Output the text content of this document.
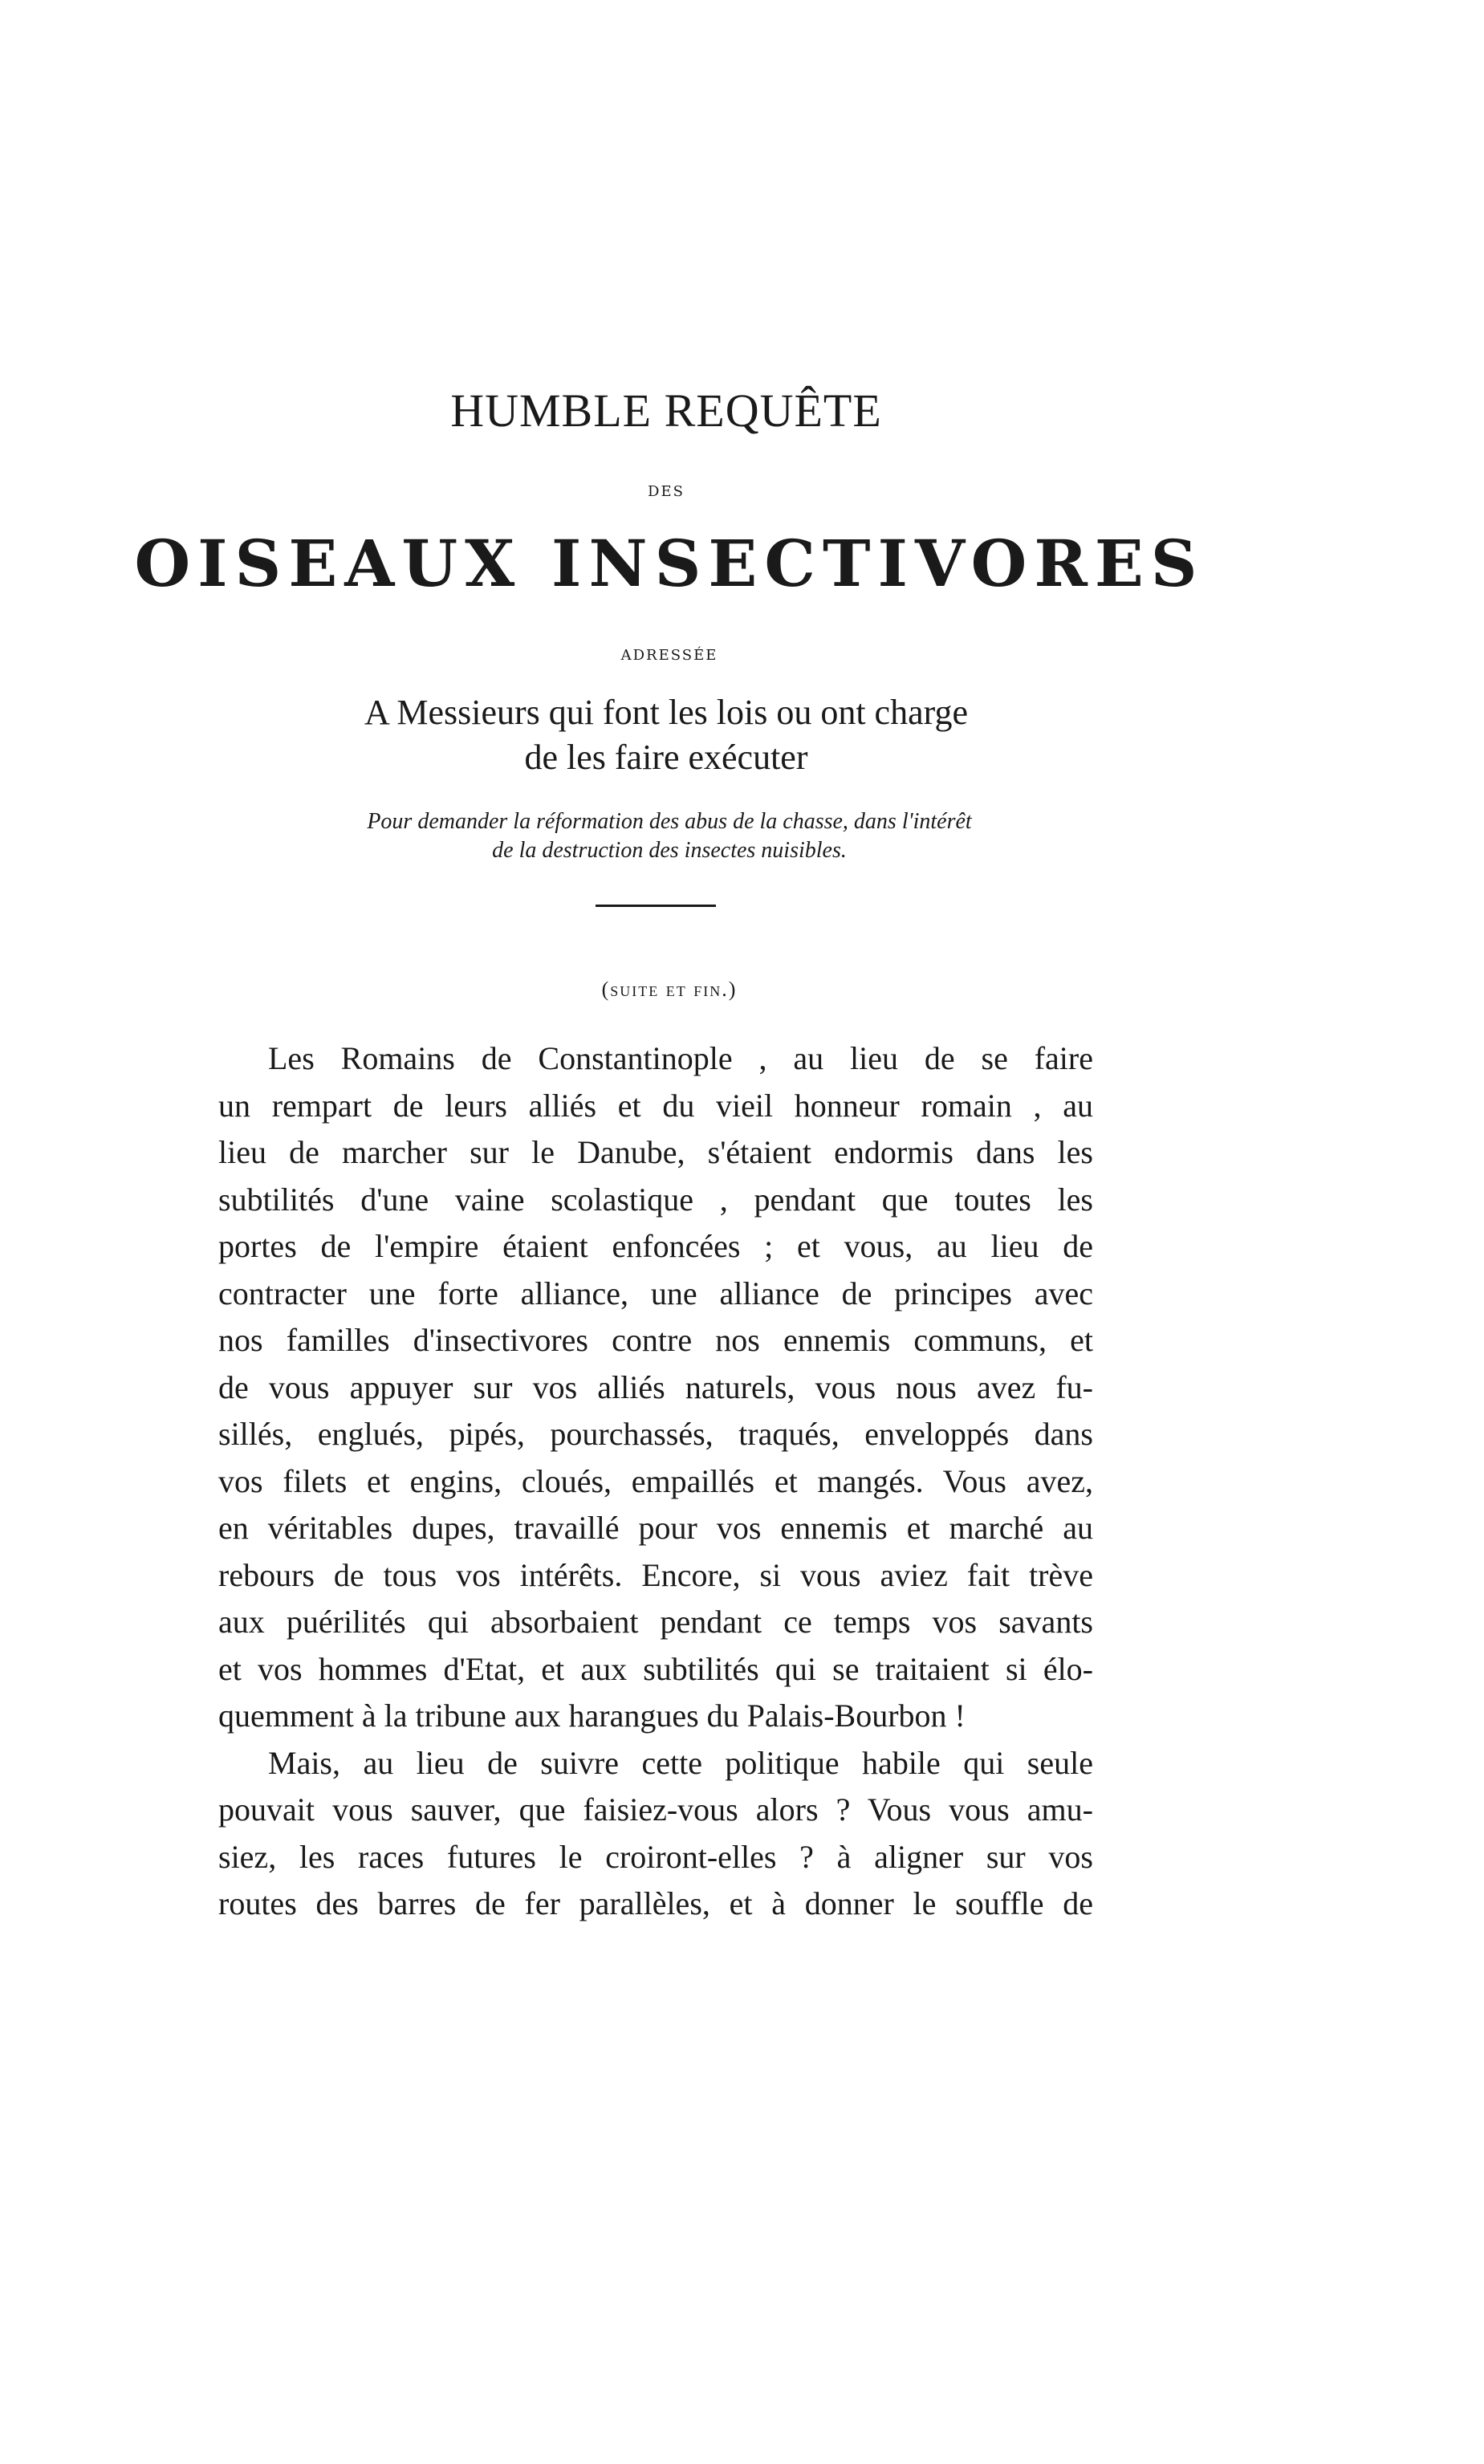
HUMBLE REQUÊTE
DES
OISEAUX INSECTIVORES
ADRESSÉE
A Messieurs qui font les lois ou ont charge
de les faire exécuter
Pour demander la réformation des abus de la chasse, dans l'intérêt
de la destruction des insectes nuisibles.
(suite et fin.)
Les Romains de Constantinople , au lieu de se faire
un rempart de leurs alliés et du vieil honneur romain , au
lieu de marcher sur le Danube, s'étaient endormis dans les
subtilités d'une vaine scolastique , pendant que toutes les
portes de l'empire étaient enfoncées ; et vous, au lieu de
contracter une forte alliance, une alliance de principes avec
nos familles d'insectivores contre nos ennemis communs, et
de vous appuyer sur vos alliés naturels, vous nous avez fu-
sillés, englués, pipés, pourchassés, traqués, enveloppés dans
vos filets et engins, cloués, empaillés et mangés. Vous avez,
en véritables dupes, travaillé pour vos ennemis et marché au
rebours de tous vos intérêts. Encore, si vous aviez fait trève
aux puérilités qui absorbaient pendant ce temps vos savants
et vos hommes d'Etat, et aux subtilités qui se traitaient si élo-
quemment à la tribune aux harangues du Palais-Bourbon !
Mais, au lieu de suivre cette politique habile qui seule
pouvait vous sauver, que faisiez-vous alors ? Vous vous amu-
siez, les races futures le croiront-elles ? à aligner sur vos
routes des barres de fer parallèles, et à donner le souffle de
